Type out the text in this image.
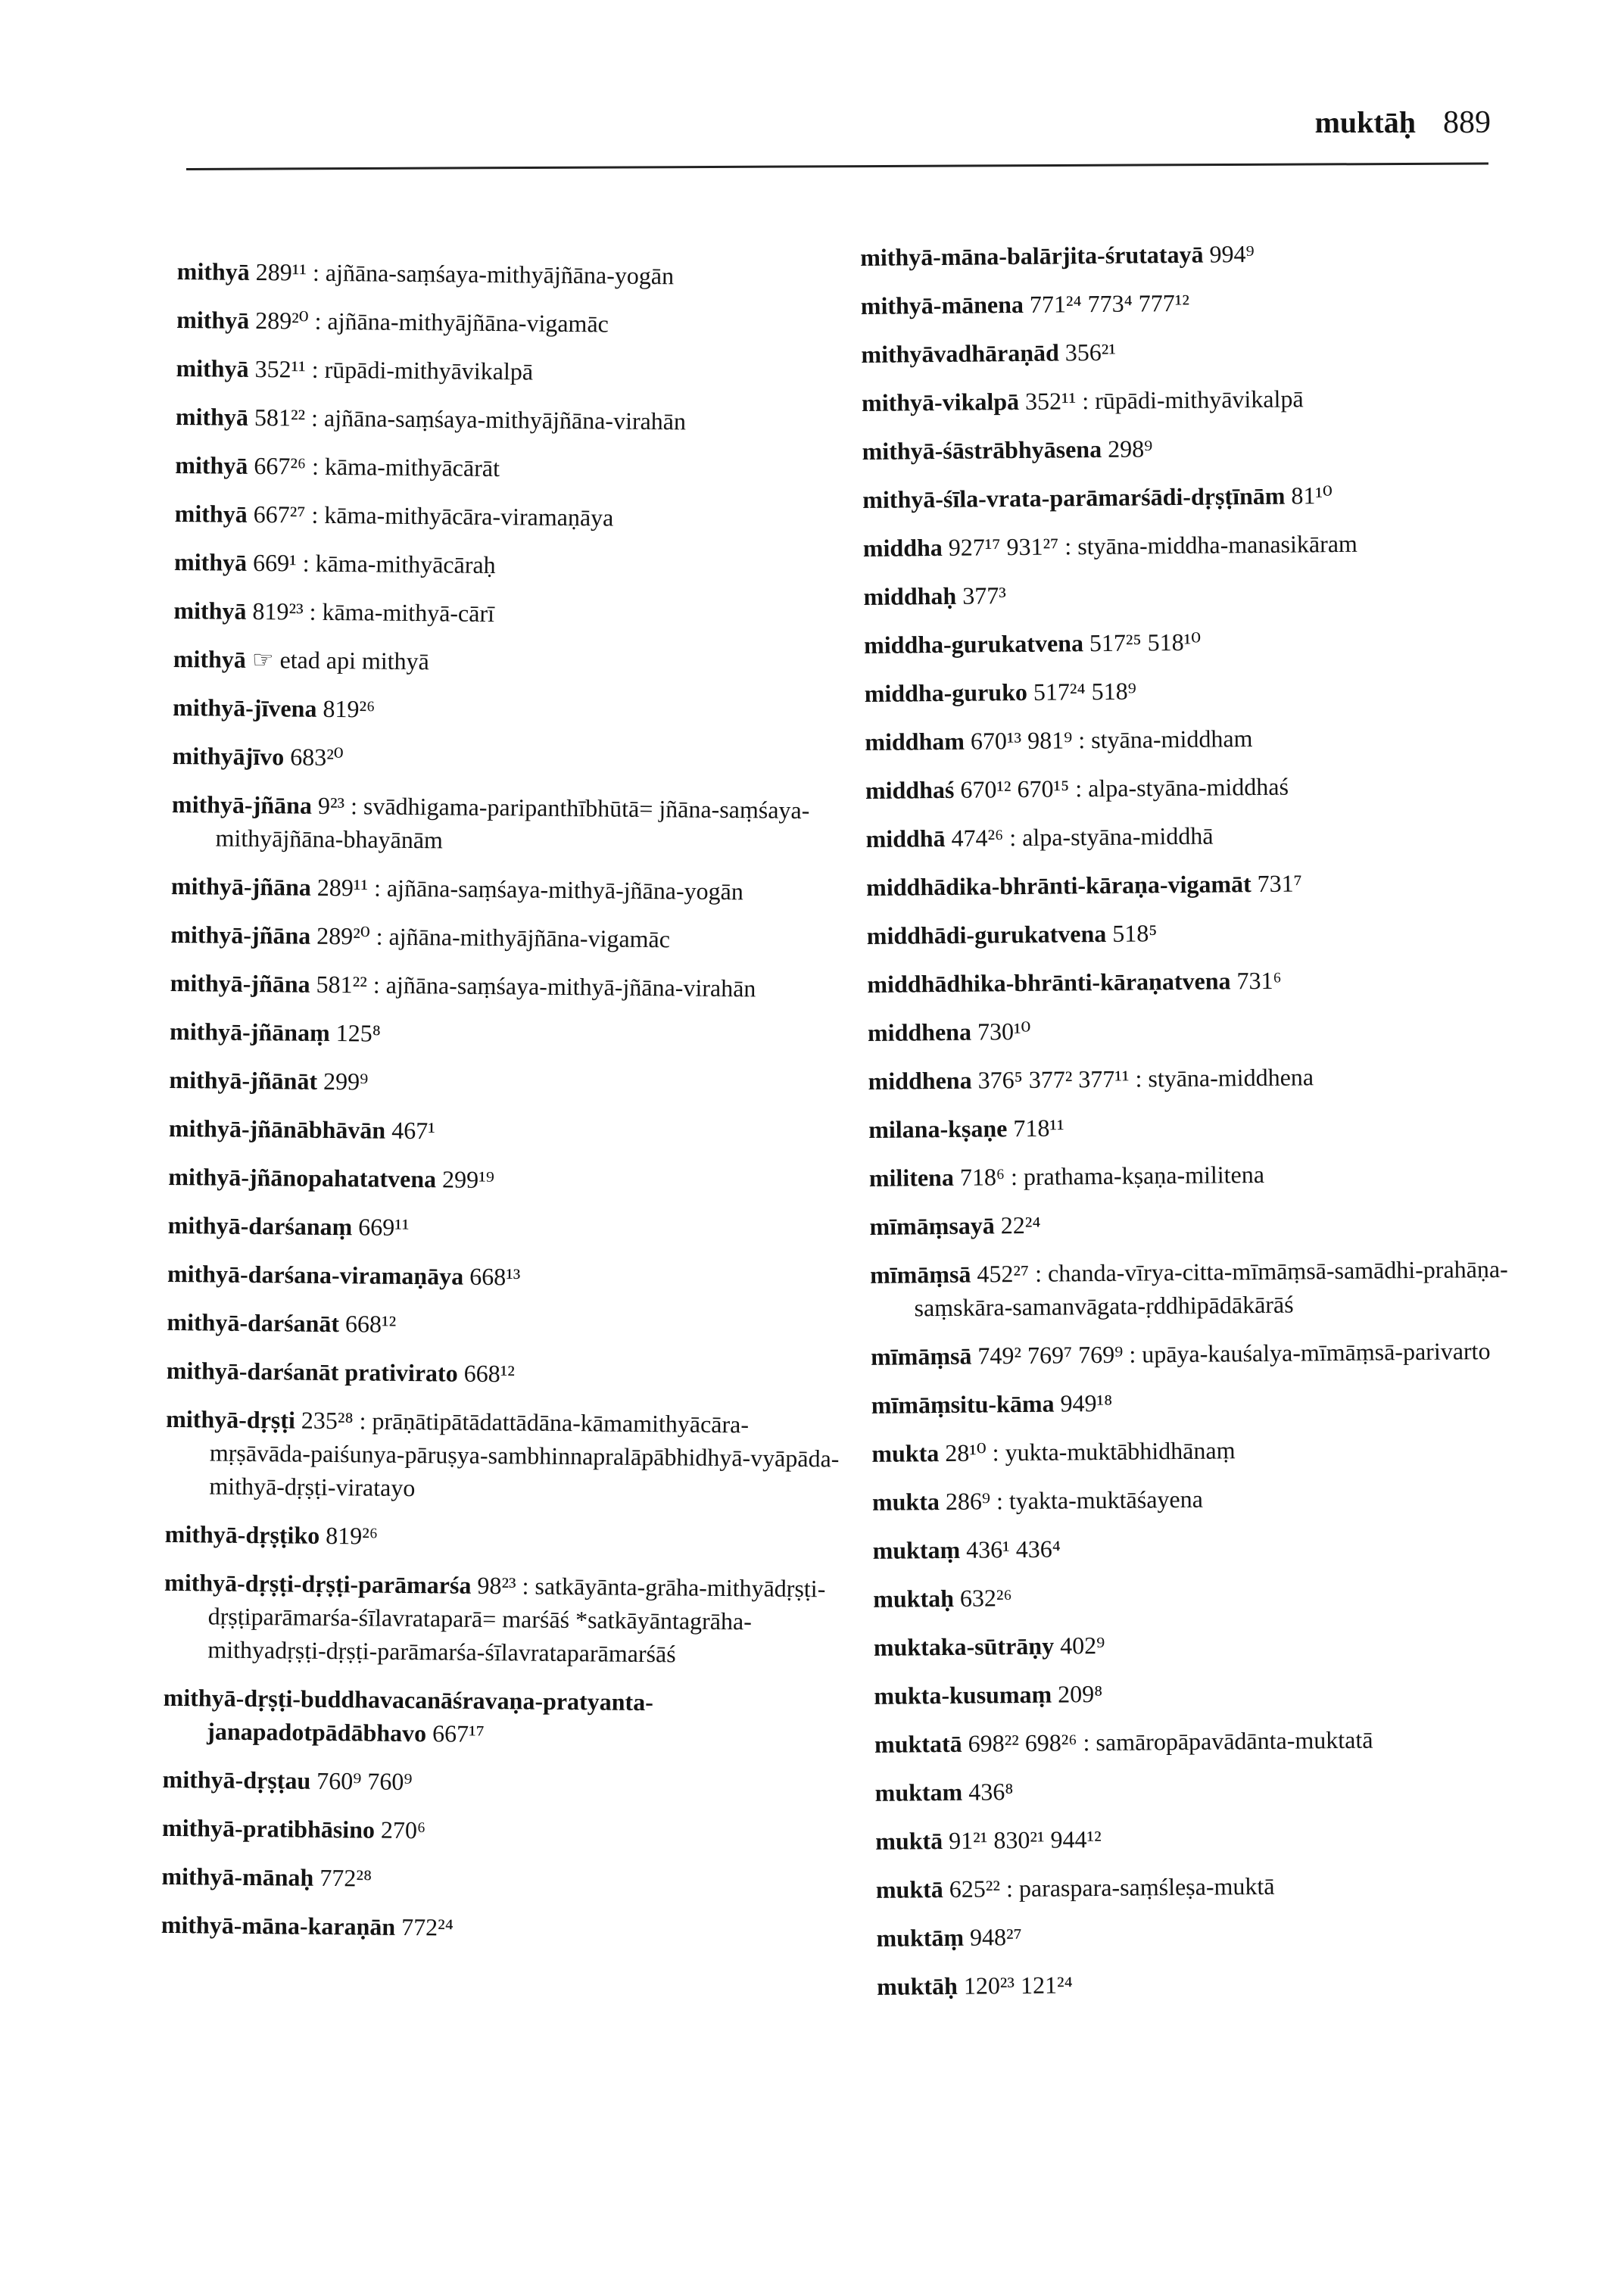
muktāḥ 889
mithyā 289¹¹ : ajñāna-saṃśaya-mithyājñāna-yogān
mithyā 289²⁰ : ajñāna-mithyājñāna-vigamāc
mithyā 352¹¹ : rūpādi-mithyāvikalpā
mithyā 581²² : ajñāna-saṃśaya-mithyājñāna-virahān
mithyā 667²⁶ : kāma-mithyācārāt
mithyā 667²⁷ : kāma-mithyācāra-viramaṇāya
mithyā 669¹ : kāma-mithyācāraḥ
mithyā 819²³ : kāma-mithyā-cārī
mithyā ☞ etad api mithyā
mithyā-jīvena 819²⁶
mithyājīvo 683²⁰
mithyā-jñāna 9²³ : svādhigama-paripanthībhūtā= jñāna-saṃśaya-mithyājñāna-bhayānām
mithyā-jñāna 289¹¹ : ajñāna-saṃśaya-mithyā-jñāna-yogān
mithyā-jñāna 289²⁰ : ajñāna-mithyājñāna-vigamāc
mithyā-jñāna 581²² : ajñāna-saṃśaya-mithyā-jñāna-virahān
mithyā-jñānaṃ 125⁸
mithyā-jñānāt 299⁹
mithyā-jñānābhāvān 467¹
mithyā-jñānopahatatvena 299¹⁹
mithyā-darśanaṃ 669¹¹
mithyā-darśana-viramaṇāya 668¹³
mithyā-darśanāt 668¹²
mithyā-darśanāt prativirato 668¹²
mithyā-dṛṣṭi 235²⁸ : prāṇātipātādattādāna-kāmamithyācāra-mṛṣāvāda-paiśunya-pāruṣya-sambhinnapralāpābhidhyā-vyāpāda-mithyā-dṛṣṭi-viratayo
mithyā-dṛṣṭiko 819²⁶
mithyā-dṛṣṭi-dṛṣṭi-parāmarśa 98²³ : satkāyānta-grāha-mithyādṛṣṭi-dṛṣṭiparāmarśa-śīlavrataparā= marśāś *satkāyāntagrāha-mithyadṛṣṭi-dṛṣṭi-parāmarśa-śīlavrataparāmarśāś
mithyā-dṛṣṭi-buddhavacanāśravaṇa-pratyanta-janapadotpādābhavo 667¹⁷
mithyā-dṛṣṭau 760⁹ 760⁹
mithyā-pratibhāsino 270⁶
mithyā-mānaḥ 772²⁸
mithyā-māna-karaṇān 772²⁴
mithyā-māna-balārjita-śrutatayā 994⁹
mithyā-mānena 771²⁴ 773⁴ 777¹²
mithyāvadhāraṇād 356²¹
mithyā-vikalpā 352¹¹ : rūpādi-mithyāvikalpā
mithyā-śāstrābhyāsena 298⁹
mithyā-śīla-vrata-parāmarśādi-dṛṣṭīnām 81¹⁰
middha 927¹⁷ 931²⁷ : styāna-middha-manasikāram
middhaḥ 377³
middha-gurukatvena 517²⁵ 518¹⁰
middha-guruko 517²⁴ 518⁹
middham 670¹³ 981⁹ : styāna-middham
middhaś 670¹² 670¹⁵ : alpa-styāna-middhaś
middhā 474²⁶ : alpa-styāna-middhā
middhādika-bhrānti-kāraṇa-vigamāt 731⁷
middhādi-gurukatvena 518⁵
middhādhika-bhrānti-kāraṇatvena 731⁶
middhena 730¹⁰
middhena 376⁵ 377² 377¹¹ : styāna-middhena
milana-kṣaṇe 718¹¹
militena 718⁶ : prathama-kṣaṇa-militena
mīmāṃsayā 22²⁴
mīmāṃsā 452²⁷ : chanda-vīrya-citta-mīmāṃsā-samādhi-prahāṇa-saṃskāra-samanvāgata-ṛddhipādākārāś
mīmāṃsā 749² 769⁷ 769⁹ : upāya-kauśalya-mīmāṃsā-parivarto
mīmāṃsitu-kāma 949¹⁸
mukta 28¹⁰ : yukta-muktābhidhānaṃ
mukta 286⁹ : tyakta-muktāśayena
muktaṃ 436¹ 436⁴
muktaḥ 632²⁶
muktaka-sūtrāṇy 402⁹
mukta-kusumaṃ 209⁸
muktatā 698²² 698²⁶ : samāropāpavādānta-muktatā
muktam 436⁸
muktā 91²¹ 830²¹ 944¹²
muktā 625²² : paraspara-saṃśleṣa-muktā
muktāṃ 948²⁷
muktāḥ 120²³ 121²⁴
